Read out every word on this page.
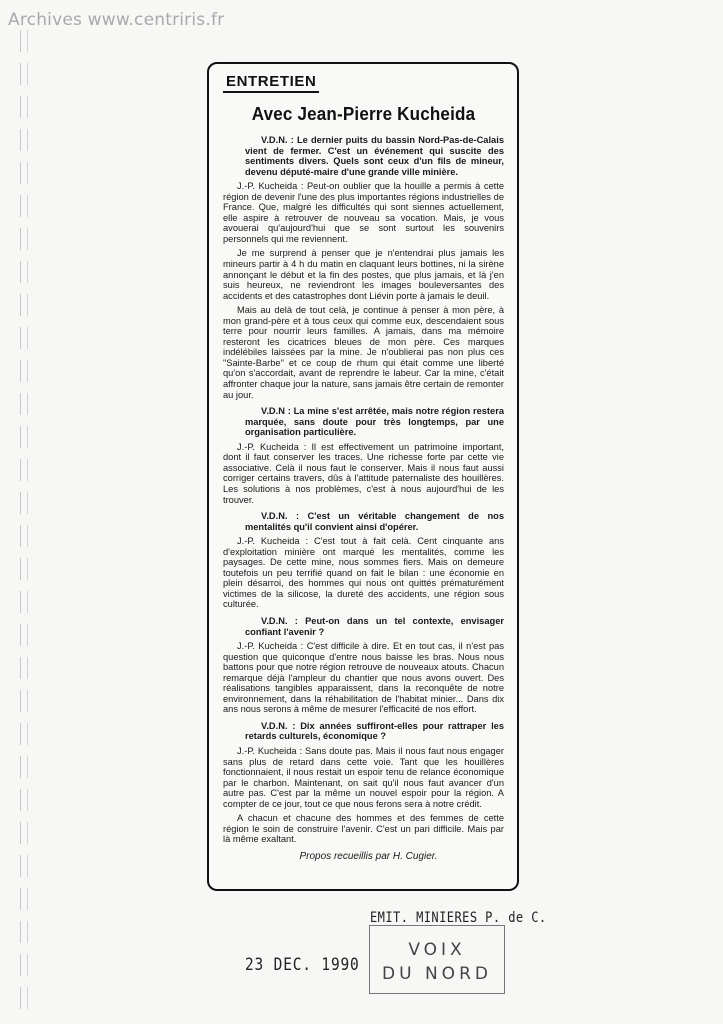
Archives www.centriris.fr
ENTRETIEN
Avec Jean-Pierre Kucheida

V.D.N. : Le dernier puits du bassin Nord-Pas-de-Calais vient de fermer. C'est un événement qui suscite des sentiments divers. Quels sont ceux d'un fils de mineur, devenu député-maire d'une grande ville minière.

J.-P. Kucheida : Peut-on oublier que la houille a permis à cette région de devenir l'une des plus importantes régions industrielles de France. Que, malgré les difficultés qui sont siennes actuellement, elle aspire à retrouver de nouveau sa vocation. Mais, je vous avouerai qu'aujourd'hui que se sont surtout les souvenirs personnels qui me reviennent.

Je me surprend à penser que je n'entendrai plus jamais les mineurs partir à 4 h du matin en claquant leurs bottines, ni la sirène annonçant le début et la fin des postes, que plus jamais, et là j'en suis heureux, ne reviendront les images bouleversantes des accidents et des catastrophes dont Liévin porte à jamais le deuil.

Mais au delà de tout celà, je continue à penser à mon père, à mon grand-père et à tous ceux qui comme eux, descendaient sous terre pour nourrir leurs familles. A jamais, dans ma mémoire resteront les cicatrices bleues de mon père. Ces marques indélébiles laissées par la mine. Je n'oublierai pas non plus ces "Sainte-Barbe" et ce coup de rhum qui était comme une liberté qu'on s'accordait, avant de reprendre le labeur. Car la mine, c'était affronter chaque jour la nature, sans jamais être certain de remonter au jour.

V.D.N : La mine s'est arrêtée, mais notre région restera marquée, sans doute pour très longtemps, par une organisation particulière.

J.-P. Kucheida : Il est effectivement un patrimoine important, dont il faut conserver les traces. Une richesse forte par cette vie associative. Celà il nous faut le conserver. Mais il nous faut aussi corriger certains travers, dûs à l'attitude paternaliste des houillères. Les solutions à nos problèmes, c'est à nous aujourd'hui de les trouver.

V.D.N. : C'est un véritable changement de nos mentalités qu'il convient ainsi d'opérer.

J.-P. Kucheida : C'est tout à fait celà. Cent cinquante ans d'exploitation minière ont marqué les mentalités, comme les paysages. De cette mine, nous sommes fiers. Mais on demeure toutefois un peu terrifié quand on fait le bilan : une économie en plein désarroi, des hommes qui nous ont quittés prématurément victimes de la silicose, la dureté des accidents, une région sous culturée.

V.D.N. : Peut-on dans un tel contexte, envisager confiant l'avenir ?

J.-P. Kucheida : C'est difficile à dire. Et en tout cas, il n'est pas question que quiconque d'entre nous baisse les bras. Nous nous battons pour que notre région retrouve de nouveaux atouts. Chacun remarque déjà l'ampleur du chantier que nous avons ouvert. Des réalisations tangibles apparaissent, dans la reconquête de notre environnement, dans la réhabilitation de l'habitat minier... Dans dix ans nous serons à même de mesurer l'efficacité de nos effort.

V.D.N. : Dix années suffiront-elles pour rattraper les retards culturels, économique ?

J.-P. Kucheida : Sans doute pas. Mais il nous faut nous engager sans plus de retard dans cette voie. Tant que les houillères fonctionnaient, il nous restait un espoir tenu de relance économique par le charbon. Maintenant, on sait qu'il nous faut avancer d'un autre pas. C'est par la même un nouvel espoir pour la région. A compter de ce jour, tout ce que nous ferons sera à notre crédit.

A chacun et chacune des hommes et des femmes de cette région le soin de construire l'avenir. C'est un pari difficile. Mais par là même exaltant.

Propos recueillis par H. Cugier.
EMIT. MINIERES P. de C.
23 DEC. 1990
VOIX
DU NORD
